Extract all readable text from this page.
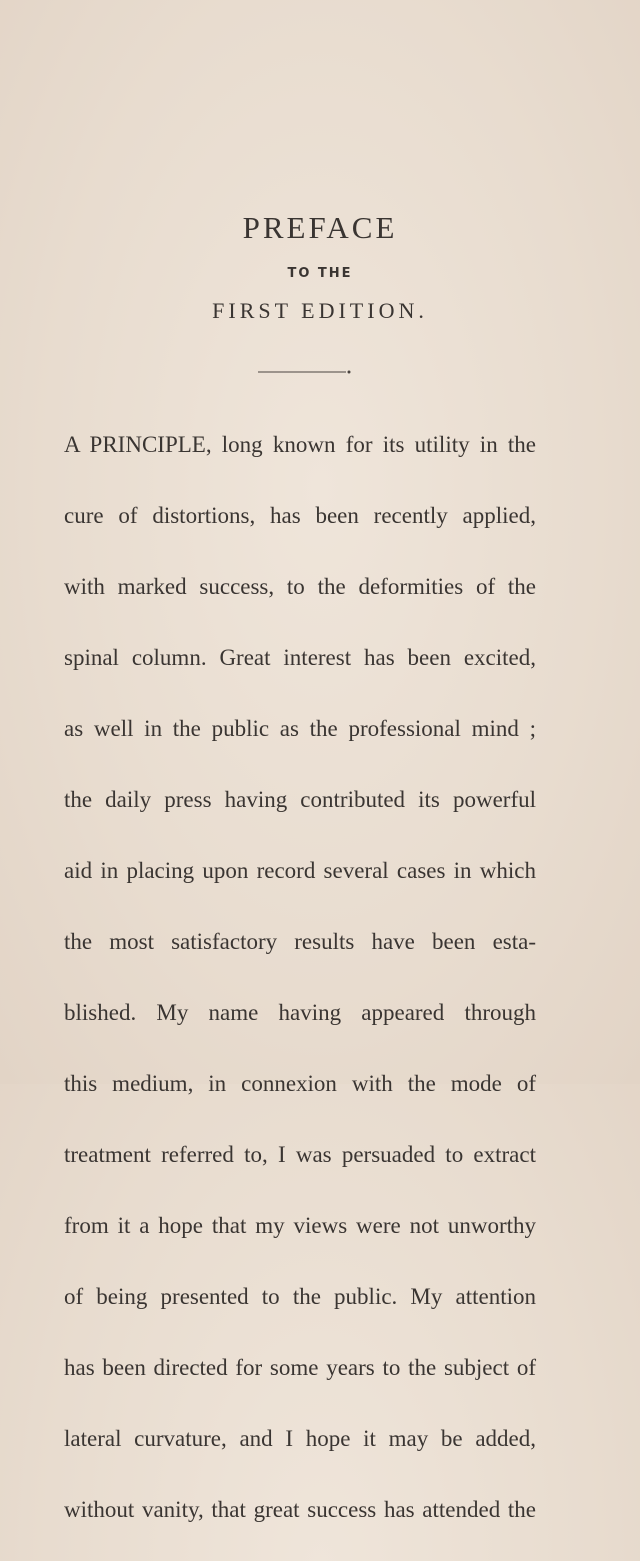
PREFACE
TO THE
FIRST EDITION.
A PRINCIPLE, long known for its utility in the
cure of distortions, has been recently applied,
with marked success, to the deformities of the
spinal column. Great interest has been excited,
as well in the public as the professional mind ;
the daily press having contributed its powerful
aid in placing upon record several cases in which
the most satisfactory results have been esta-
blished. My name having appeared through
this medium, in connexion with the mode of
treatment referred to, I was persuaded to extract
from it a hope that my views were not unworthy
of being presented to the public. My attention
has been directed for some years to the subject of
lateral curvature, and I hope it may be added,
without vanity, that great success has attended the
